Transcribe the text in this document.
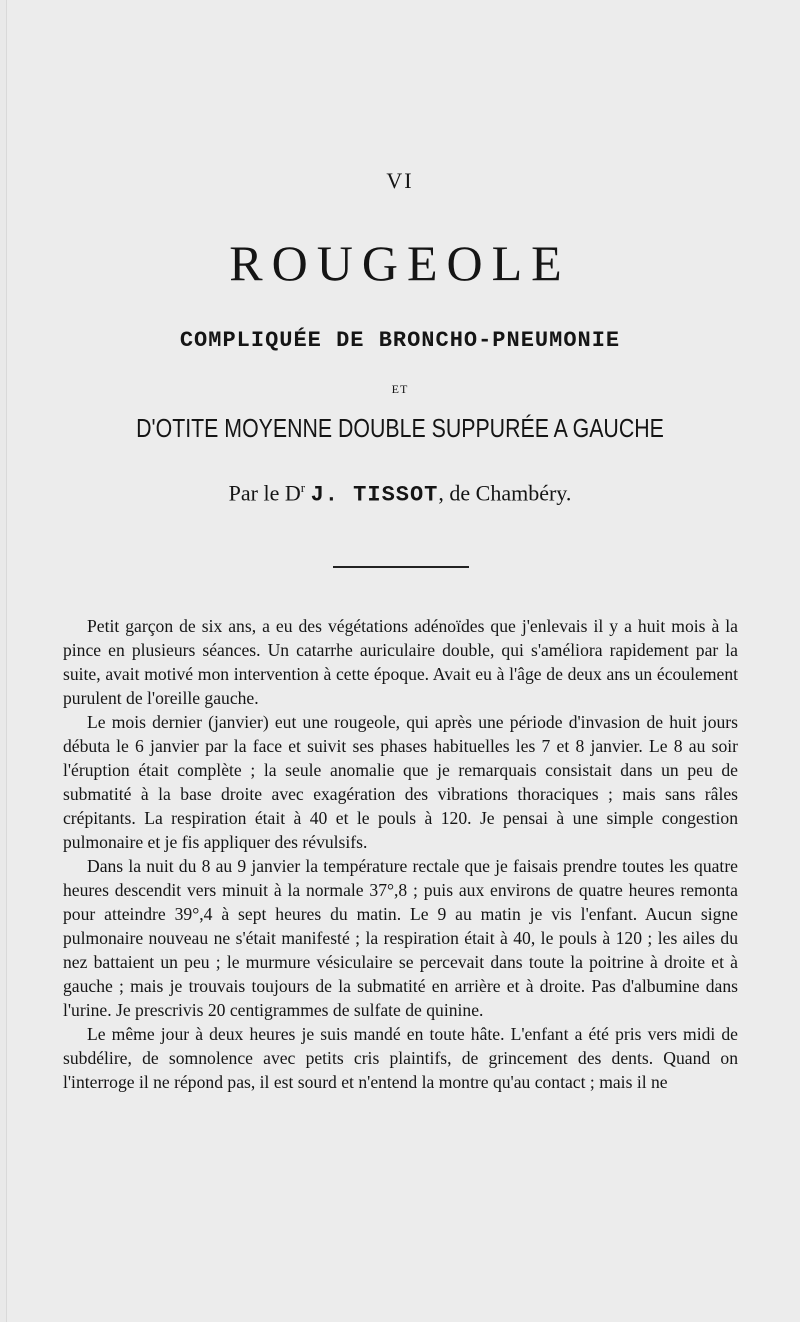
VI
ROUGEOLE
COMPLIQUÉE DE BRONCHO-PNEUMONIE
ET
D'OTITE MOYENNE DOUBLE SUPPURÉE A GAUCHE
Par le $D^r$ J. TISSOT, de Chambéry.

Petit garçon de six ans, a eu des végétations adénoïdes que j'enlevais il y a huit mois à la pince en plusieurs séances. Un catarrhe auriculaire double, qui s'améliora rapidement par la suite, avait motivé mon intervention à cette époque. Avait eu à l'âge de deux ans un écoulement purulent de l'oreille gauche.

Le mois dernier (janvier) eut une rougeole, qui après une période d'invasion de huit jours débuta le 6 janvier par la face et suivit ses phases habituelles les 7 et 8 janvier. Le 8 au soir l'éruption était complète ; la seule anomalie que je remarquais consistait dans un peu de submatité à la base droite avec exagération des vibrations thoraciques ; mais sans râles crépitants. La respiration était à 40 et le pouls à 120. Je pensai à une simple congestion pulmonaire et je fis appliquer des révulsifs.

Dans la nuit du 8 au 9 janvier la température rectale que je faisais prendre toutes les quatre heures descendit vers minuit à la normale 37°,8 ; puis aux environs de quatre heures remonta pour atteindre 39°,4 à sept heures du matin. Le 9 au matin je vis l'enfant. Aucun signe pulmonaire nouveau ne s'était manifesté ; la respiration était à 40, le pouls à 120 ; les ailes du nez battaient un peu ; le murmure vésiculaire se percevait dans toute la poitrine à droite et à gauche ; mais je trouvais toujours de la submatité en arrière et à droite. Pas d'albumine dans l'urine. Je prescrivis 20 centigrammes de sulfate de quinine.

Le même jour à deux heures je suis mandé en toute hâte. L'enfant a été pris vers midi de subdélire, de somnolence avec petits cris plaintifs, de grincement des dents. Quand on l'interroge il ne répond pas, il est sourd et n'entend la montre qu'au contact ; mais il ne
